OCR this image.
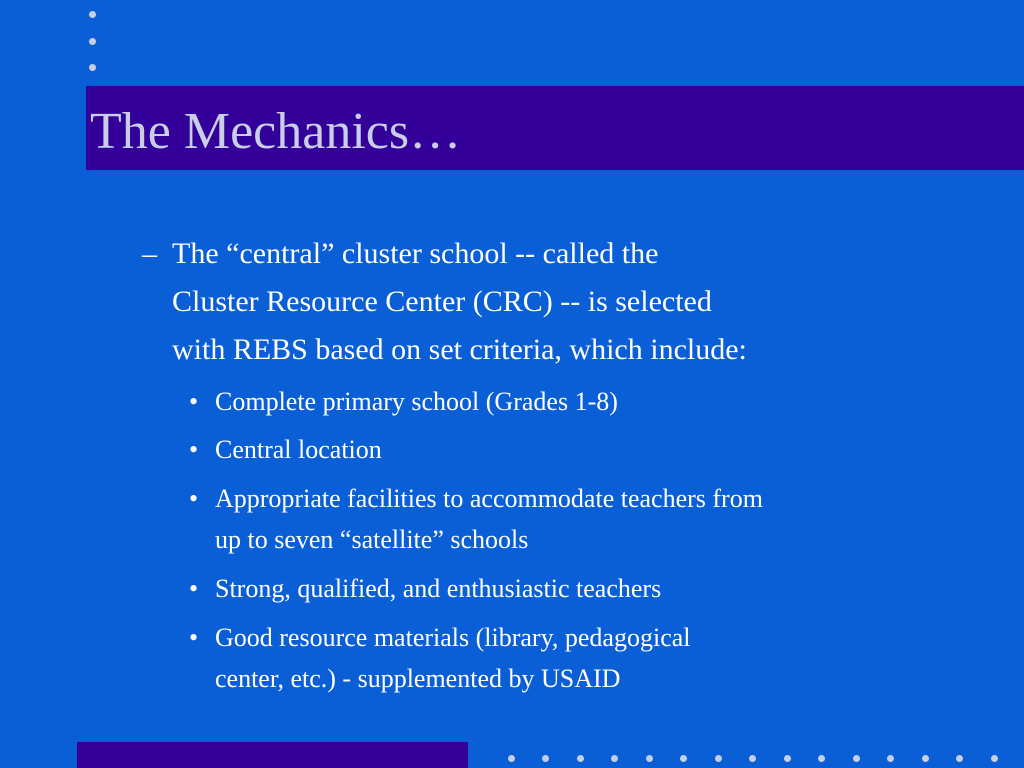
The Mechanics…
– The “central” cluster school -- called the
Cluster Resource Center (CRC) -- is selected
with REBS based on set criteria, which include:
• Complete primary school (Grades 1-8)
• Central location
• Appropriate facilities to accommodate teachers from
up to seven “satellite” schools
• Strong, qualified, and enthusiastic teachers
• Good resource materials (library, pedagogical
center, etc.) - supplemented by USAID
